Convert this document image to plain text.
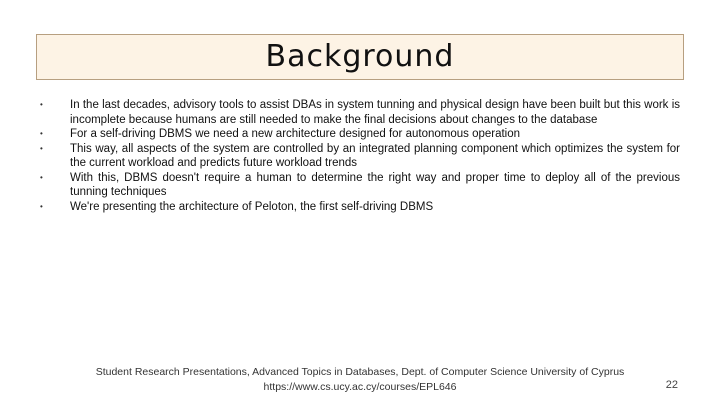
Background
• In the last decades, advisory tools to assist DBAs in system tunning and physical design have been built but this work is incomplete because humans are still needed to make the final decisions about changes to the database
• For a self-driving DBMS we need a new architecture designed for autonomous operation
• This way, all aspects of the system are controlled by an integrated planning component which optimizes the system for the current workload and predicts future workload trends
• With this, DBMS doesn't require a human to determine the right way and proper time to deploy all of the previous tunning techniques
• We're presenting the architecture of Peloton, the first self-driving DBMS
Student Research Presentations, Advanced Topics in Databases, Dept. of Computer Science University of Cyprus
https://www.cs.ucy.ac.cy/courses/EPL646	22
